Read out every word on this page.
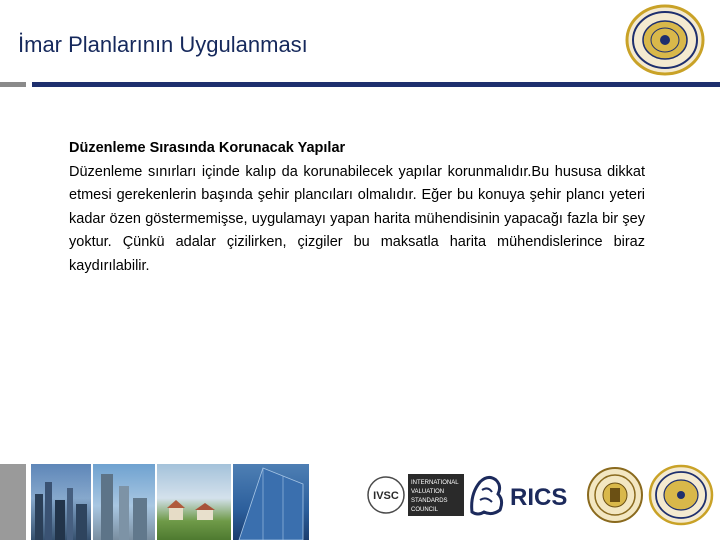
İmar Planlarının Uygulanması
Düzenleme Sırasında Korunacak Yapılar
Düzenleme sınırları içinde kalıp da korunabilecek yapılar korunmalıdır.Bu hususa dikkat etmesi gerekenlerin başında şehir plancıları olmalıdır. Eğer bu konuya şehir plancı yeteri kadar özen göstermemişse, uygulamayı yapan harita mühendisinin yapacağı fazla bir şey yoktur. Çünkü adalar çizilirken, çizgiler bu maksatla harita mühendislerince biraz kaydırılabilir.
IVSC
INTERNATIONAL
VALUATION
STANDARDS
COUNCIL	RICS
